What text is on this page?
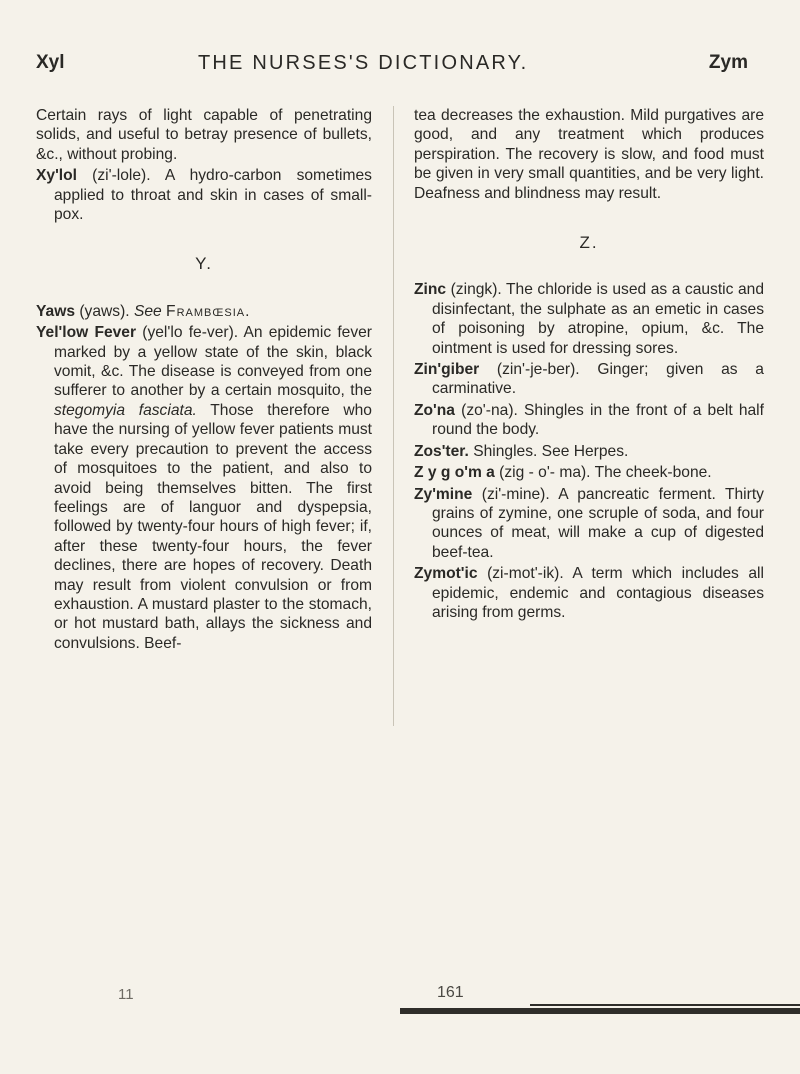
Xyl	THE NURSES'S DICTIONARY.	Zym

Certain rays of light capable of penetrating solids, and useful to betray presence of bullets, &c., without probing.

Xy'lol (zi'-lole). A hydro-carbon sometimes applied to throat and skin in cases of small-pox.

Y.

Yaws (yaws). See Frambœsia.

Yel'low Fever (yel'lo fe-ver). An epidemic fever marked by a yellow state of the skin, black vomit, &c. The disease is conveyed from one sufferer to another by a certain mosquito, the stegomyia fasciata. Those therefore who have the nursing of yellow fever patients must take every precaution to prevent the access of mosquitoes to the patient, and also to avoid being themselves bitten. The first feelings are of languor and dyspepsia, followed by twenty-four hours of high fever; if, after these twenty-four hours, the fever declines, there are hopes of recovery. Death may result from violent convulsion or from exhaustion. A mustard plaster to the stomach, or hot mustard bath, allays the sickness and convulsions. Beef-

tea decreases the exhaustion. Mild purgatives are good, and any treatment which produces perspiration. The recovery is slow, and food must be given in very small quantities, and be very light. Deafness and blindness may result.

Z.

Zinc (zingk). The chloride is used as a caustic and disinfectant, the sulphate as an emetic in cases of poisoning by atropine, opium, &c. The ointment is used for dressing sores.

Zin'giber (zin'-je-ber). Ginger; given as a carminative.

Zo'na (zo'-na). Shingles in the front of a belt half round the body.

Zos'ter. Shingles. See Herpes.

Z y g o'm a (zig - o'- ma). The cheek-bone.

Zy'mine (zi'-mine). A pancreatic ferment. Thirty grains of zymine, one scruple of soda, and four ounces of meat, will make a cup of digested beef-tea.

Zymot'ic (zi-mot'-ik). A term which includes all epidemic, endemic and contagious diseases arising from germs.

11	161
